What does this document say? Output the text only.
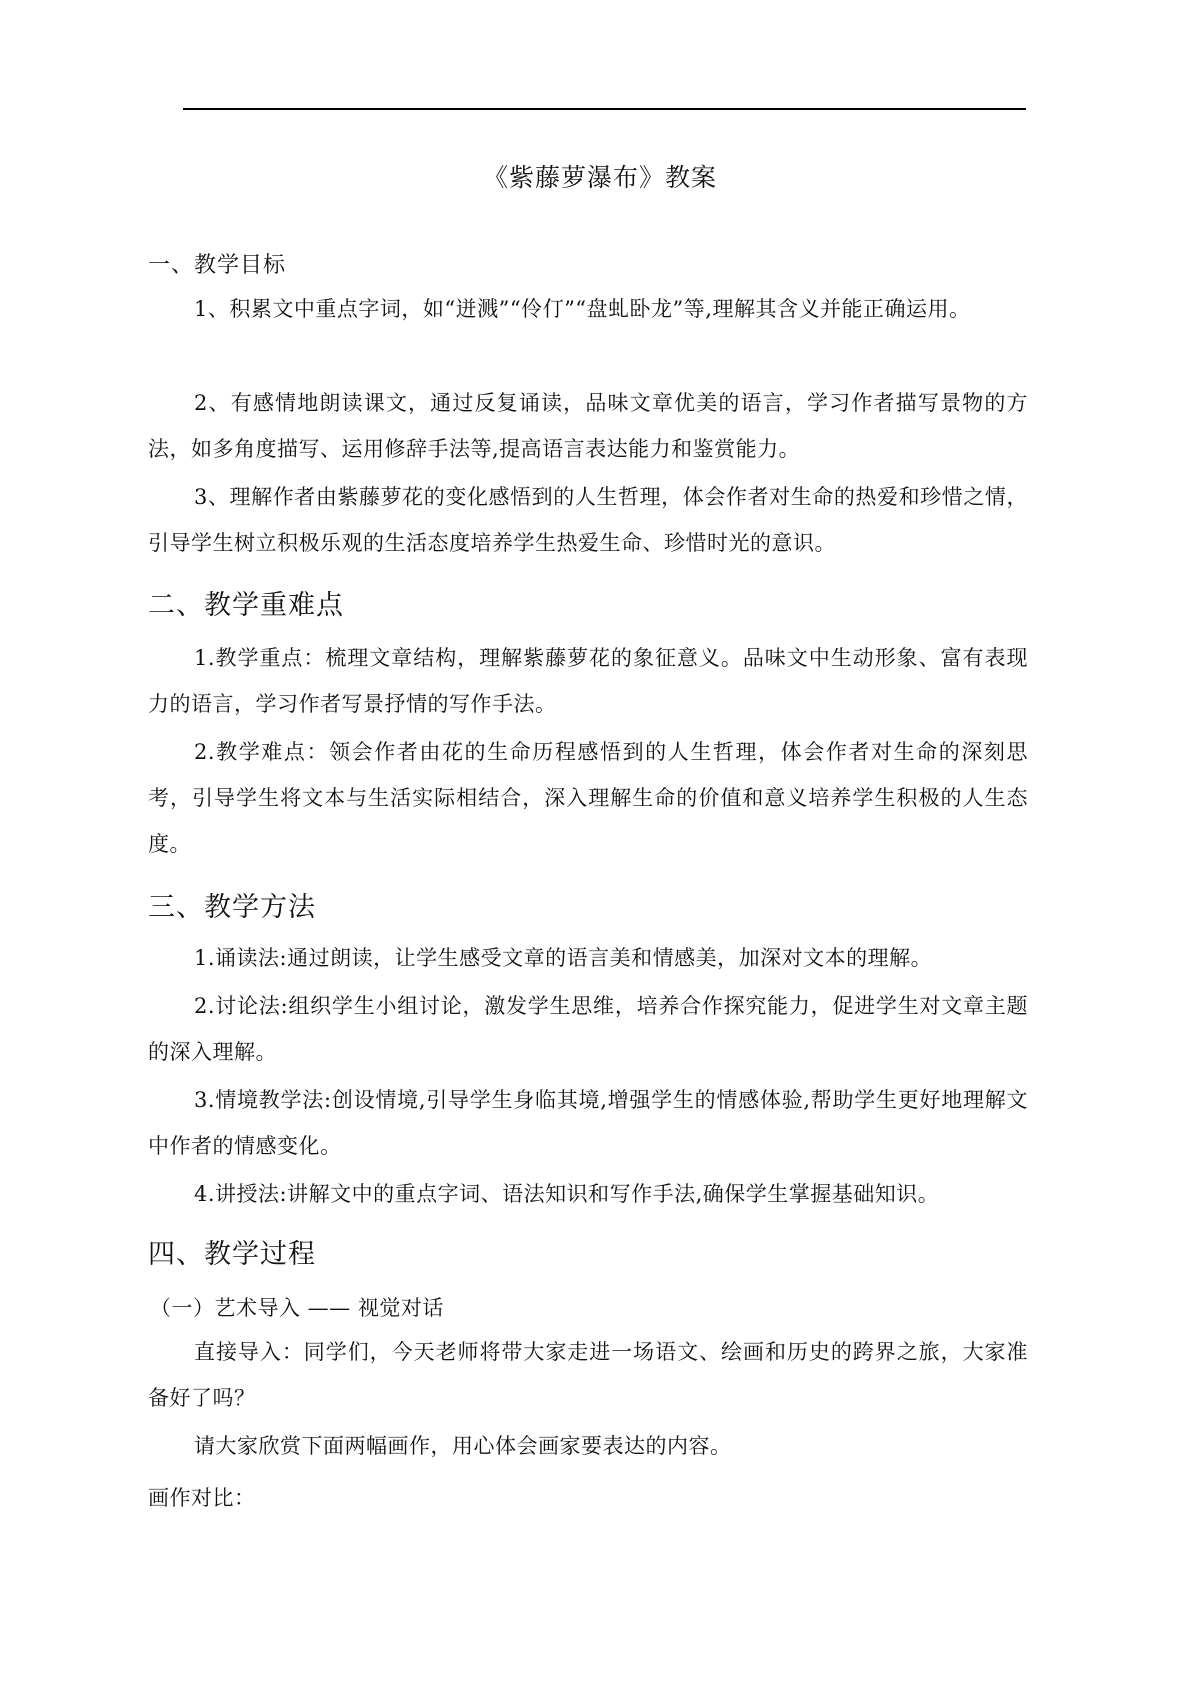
《紫藤萝瀑布》教案
一、教学目标
1、积累文中重点字词，如“迸溅”“伶仃”“盘虬卧龙”等,理解其含义并能正确运用。
2、有感情地朗读课文，通过反复诵读，品味文章优美的语言，学习作者描写景物的方法，如多角度描写、运用修辞手法等,提高语言表达能力和鉴赏能力。
3、理解作者由紫藤萝花的变化感悟到的人生哲理，体会作者对生命的热爱和珍惜之情，引导学生树立积极乐观的生活态度培养学生热爱生命、珍惜时光的意识。
二、教学重难点
1.教学重点：梳理文章结构，理解紫藤萝花的象征意义。品味文中生动形象、富有表现力的语言，学习作者写景抒情的写作手法。
2.教学难点：领会作者由花的生命历程感悟到的人生哲理，体会作者对生命的深刻思考，引导学生将文本与生活实际相结合，深入理解生命的价值和意义培养学生积极的人生态度。
三、教学方法
1.诵读法:通过朗读，让学生感受文章的语言美和情感美，加深对文本的理解。
2.讨论法:组织学生小组讨论，激发学生思维，培养合作探究能力，促进学生对文章主题的深入理解。
3.情境教学法:创设情境,引导学生身临其境,增强学生的情感体验,帮助学生更好地理解文中作者的情感变化。
4.讲授法:讲解文中的重点字词、语法知识和写作手法,确保学生掌握基础知识。
四、教学过程
（一）艺术导入 —— 视觉对话
直接导入：同学们，今天老师将带大家走进一场语文、绘画和历史的跨界之旅，大家准备好了吗？
请大家欣赏下面两幅画作，用心体会画家要表达的内容。
画作对比：
